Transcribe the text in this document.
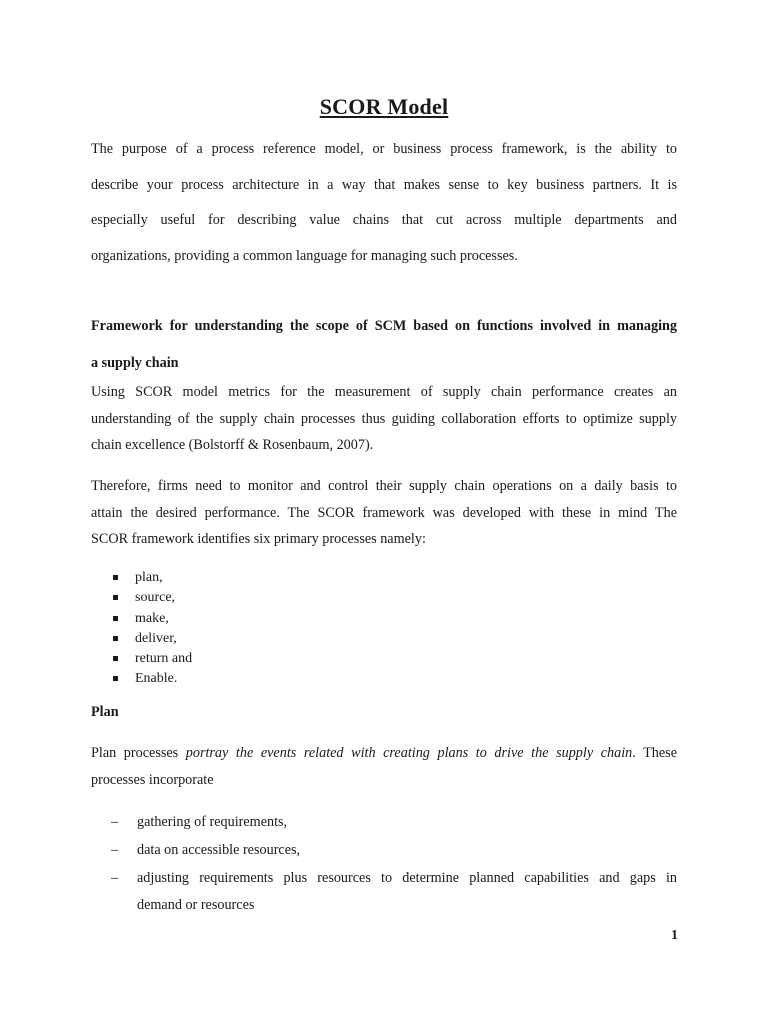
SCOR Model
The purpose of a process reference model, or business process framework, is the ability to
describe your process architecture in a way that makes sense to key business partners. It is
especially useful for describing value chains that cut across multiple departments and
organizations, providing a common language for managing such processes.
Framework for understanding the scope of SCM based on functions involved in managing
a supply chain
Using SCOR model metrics for the measurement of supply chain performance creates an
understanding of the supply chain processes thus guiding collaboration efforts to optimize supply
chain excellence (Bolstorff & Rosenbaum, 2007).
Therefore, firms need to monitor and control their supply chain operations on a daily basis to
attain the desired performance. The SCOR framework was developed with these in mind The
SCOR framework identifies six primary processes namely:
plan,
source,
make,
deliver,
return and
Enable.
Plan
Plan processes portray the events related with creating plans to drive the supply chain. These
processes incorporate
– gathering of requirements,
– data on accessible resources,
– adjusting requirements plus resources to determine planned capabilities and gaps in
demand or resources
1
